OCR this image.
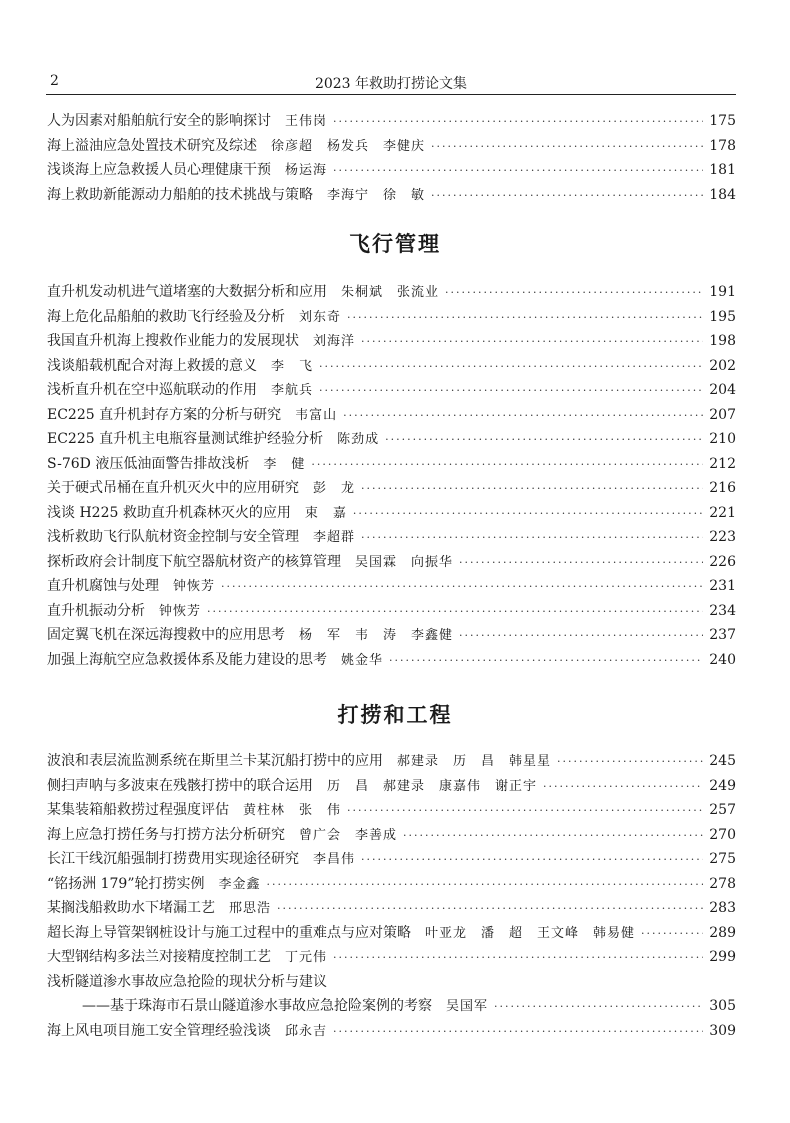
2	2023 年救助打捞论文集
人为因素对船舶航行安全的影响探讨 王伟岗 ·····	175
海上溢油应急处置技术研究及综述 徐彦超　杨发兵　李健庆 ·····	178
浅谈海上应急救援人员心理健康干预 杨运海 ·····	181
海上救助新能源动力船舶的技术挑战与策略 李海宁　徐　敏 ·····	184
飞行管理
直升机发动机进气道堵塞的大数据分析和应用 朱桐斌　张流业 ·····	191
海上危化品船舶的救助飞行经验及分析 刘东奇 ·····	195
我国直升机海上搜救作业能力的发展现状 刘海洋 ·····	198
浅谈船载机配合对海上救援的意义 李　飞 ·····	202
浅析直升机在空中巡航联动的作用 李航兵 ·····	204
EC225 直升机封存方案的分析与研究 韦富山 ·····	207
EC225 直升机主电瓶容量测试维护经验分析 陈劲成 ·····	210
S-76D 液压低油面警告排故浅析 李　健 ·····	212
关于硬式吊桶在直升机灭火中的应用研究 彭　龙 ·····	216
浅谈 H225 救助直升机森林灭火的应用 束　嘉 ·····	221
浅析救助飞行队航材资金控制与安全管理 李超群 ·····	223
探析政府会计制度下航空器航材资产的核算管理 吴国霖　向振华 ·····	226
直升机腐蚀与处理 钟恢芳 ·····	231
直升机振动分析 钟恢芳 ·····	234
固定翼飞机在深远海搜救中的应用思考 杨　军　韦　涛　李鑫健 ·····	237
加强上海航空应急救援体系及能力建设的思考 姚金华 ·····	240
打捞和工程
波浪和表层流监测系统在斯里兰卡某沉船打捞中的应用 郝建录　历　昌　韩星星 ·····	245
侧扫声呐与多波束在残骸打捞中的联合运用 历　昌　郝建录　康嘉伟　谢正宇 ·····	249
某集装箱船救捞过程强度评估 黄柱林　张　伟 ·····	257
海上应急打捞任务与打捞方法分析研究 曾广会　李善成 ·····	270
长江干线沉船强制打捞费用实现途径研究 李昌伟 ·····	275
“铭扬洲 179”轮打捞实例 李金鑫 ·····	278
某搁浅船救助水下堵漏工艺 邢思浩 ·····	283
超长海上导管架钢桩设计与施工过程中的重难点与应对策略 叶亚龙　潘　超　王文峰　韩易健 ·····	289
大型钢结构多法兰对接精度控制工艺 丁元伟 ·····	299
浅析隧道渗水事故应急抢险的现状分析与建议
——基于珠海市石景山隧道渗水事故应急抢险案例的考察 吴国军 ·····	305
海上风电项目施工安全管理经验浅谈 邱永吉 ·····	309
